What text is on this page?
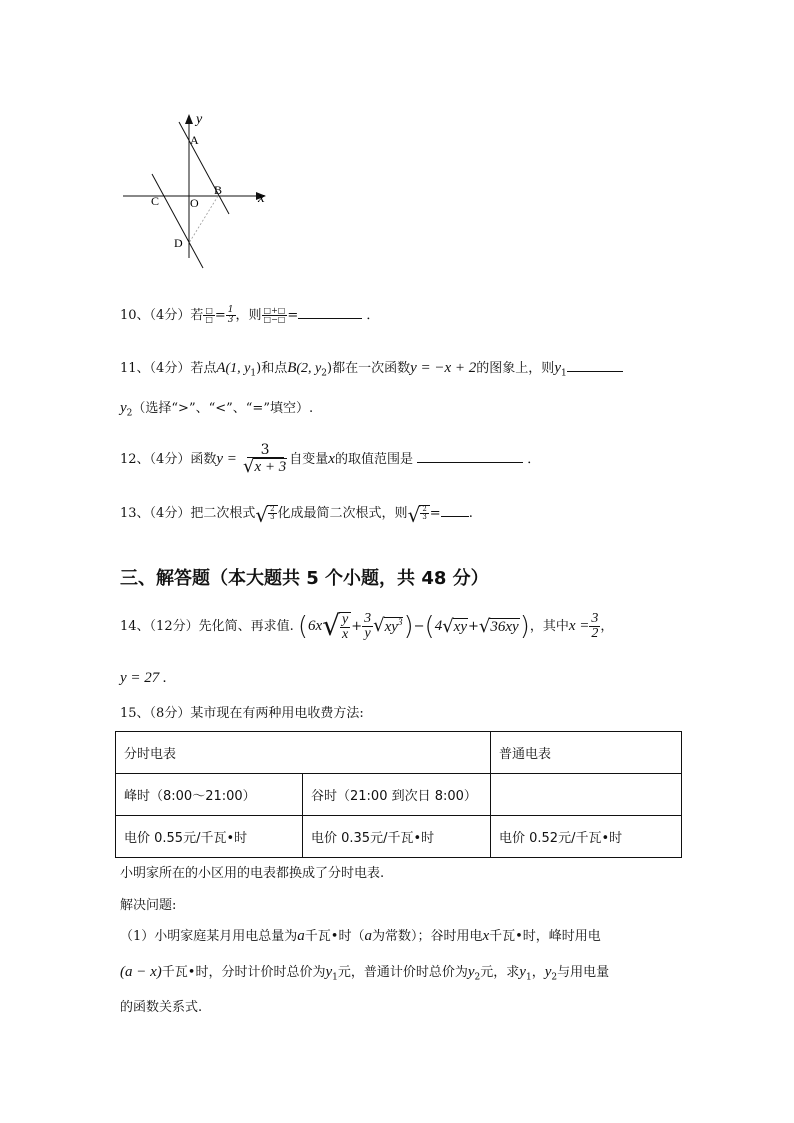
y
A
B x
C	O
D
10、（4分）若 $\frac{□}{□} = \frac{1}{3}$ ，则 $\frac{□+□}{□-□}$ =	．
11、（4分）若点A(1, $y_1$)和点B(2, $y_2$)都在一次函数y = −x + 2的图象上，则$y_1$
$y_2$（选择“>”、“<”、“=”填空）.
12、（4分）函数$y = \frac{3}{√ x + 3}$ 自变量x的取值范围是	．
13、（4分）把二次根式 √ $\frac{2}{3}$ 化成最简二次根式，则 √ $\frac{2}{3}$ = .
三、解答题（本大题共 5 个小题，共 48 分）
14、（12分）先化简、再求值. (6x √ $\frac{y}{x} + \frac{3}{y}$ √ $xy^3$ )−(4 √ xy + √ 36xy )，其中$x = \frac{3}{2}$ ，
y = 27 .
15、（8分）某市现在有两种用电收费方法:
分时电表		普通电表
峰时（8:00～21:00）	谷时（21:00 到次日 8:00）	
电价 0.55元/千瓦•时	电价 0.35元/千瓦•时	电价 0.52元/千瓦•时
小明家所在的小区用的电表都换成了分时电表.
解决问题:
（1）小明家庭某月用电总量为a千瓦•时（a为常数）；谷时用电x千瓦•时，峰时用电
(a − x)千瓦•时，分时计价时总价为$y_1$元，普通计价时总价为$y_2$元，求$y_1$，$y_2$与用电量
的函数关系式.
